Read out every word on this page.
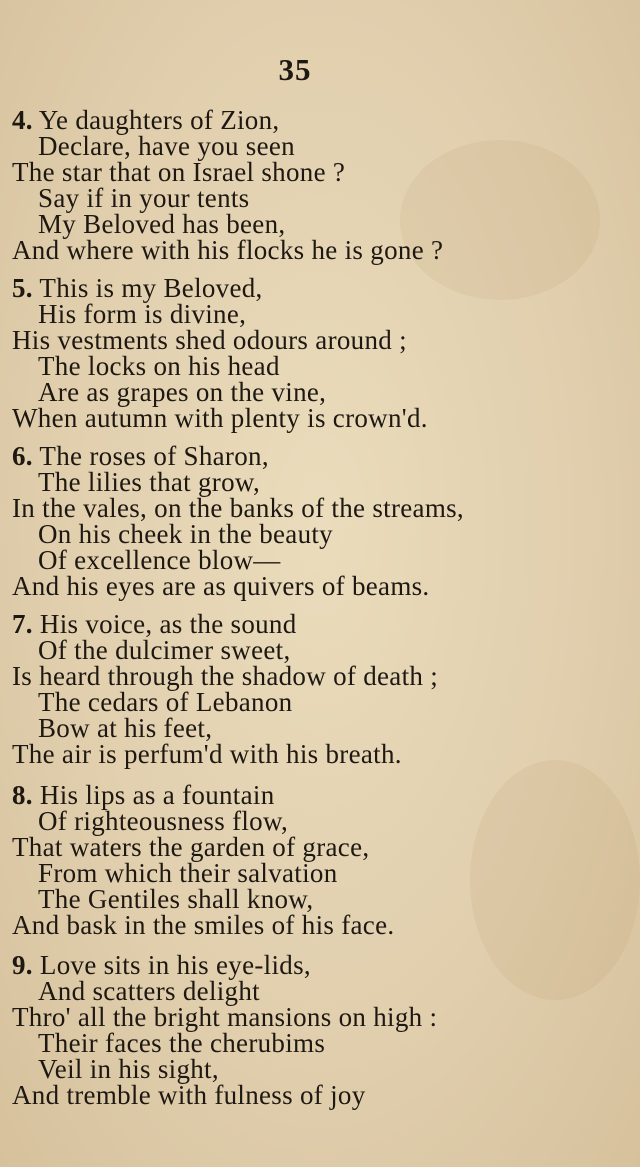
35
4. Ye daughters of Zion,
Declare, have you seen
The star that on Israel shone ?
Say if in your tents
My Beloved has been,
And where with his flocks he is gone ?
5. This is my Beloved,
His form is divine,
His vestments shed odours around ;
The locks on his head
Are as grapes on the vine,
When autumn with plenty is crown'd.
6. The roses of Sharon,
The lilies that grow,
In the vales, on the banks of the streams,
On his cheek in the beauty
Of excellence blow—
And his eyes are as quivers of beams.
7. His voice, as the sound
Of the dulcimer sweet,
Is heard through the shadow of death ;
The cedars of Lebanon
Bow at his feet,
The air is perfum'd with his breath.
8. His lips as a fountain
Of righteousness flow,
That waters the garden of grace,
From which their salvation
The Gentiles shall know,
And bask in the smiles of his face.
9. Love sits in his eye-lids,
And scatters delight
Thro' all the bright mansions on high :
Their faces the cherubims
Veil in his sight,
And tremble with fulness of joy
